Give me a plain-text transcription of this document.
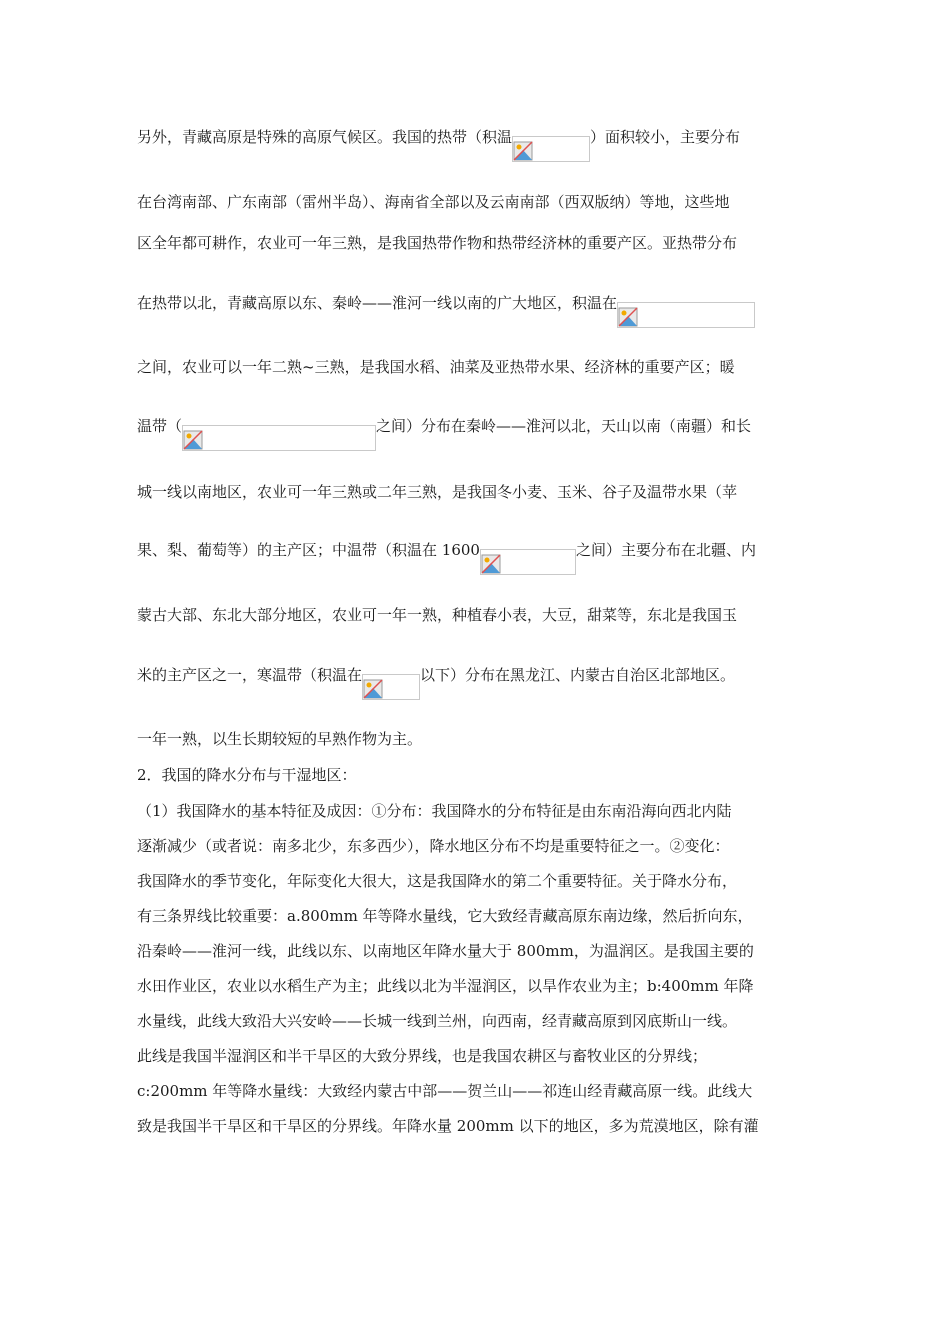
另外，青藏高原是特殊的高原气候区。我国的热带（积温	）面积较小，主要分布
在台湾南部、广东南部（雷州半岛）、海南省全部以及云南南部（西双版纳）等地，这些地
区全年都可耕作，农业可一年三熟，是我国热带作物和热带经济林的重要产区。亚热带分布
在热带以北，青藏高原以东、秦岭——淮河一线以南的广大地区，积温在
之间，农业可以一年二熟~三熟，是我国水稻、油菜及亚热带水果、经济林的重要产区；暖
温带（	之间）分布在秦岭——淮河以北，天山以南（南疆）和长
城一线以南地区，农业可一年三熟或二年三熟，是我国冬小麦、玉米、谷子及温带水果（苹
果、梨、葡萄等）的主产区；中温带（积温在 1600	之间）主要分布在北疆、内
蒙古大部、东北大部分地区，农业可一年一熟，种植春小表，大豆，甜菜等，东北是我国玉
米的主产区之一，寒温带（积温在	以下）分布在黑龙江、内蒙古自治区北部地区。
一年一熟，以生长期较短的早熟作物为主。
2．我国的降水分布与干湿地区：
（1）我国降水的基本特征及成因：①分布：我国降水的分布特征是由东南沿海向西北内陆
逐渐减少（或者说：南多北少，东多西少），降水地区分布不均是重要特征之一。②变化：
我国降水的季节变化，年际变化大很大，这是我国降水的第二个重要特征。关于降水分布，
有三条界线比较重要：a.800mm 年等降水量线，它大致经青藏高原东南边缘，然后折向东，
沿秦岭——淮河一线，此线以东、以南地区年降水量大于 800mm，为温润区。是我国主要的
水田作业区，农业以水稻生产为主；此线以北为半湿润区，以旱作农业为主；b:400mm 年降
水量线，此线大致沿大兴安岭——长城一线到兰州，向西南，经青藏高原到冈底斯山一线。
此线是我国半湿润区和半干旱区的大致分界线，也是我国农耕区与畜牧业区的分界线；
c:200mm 年等降水量线：大致经内蒙古中部——贺兰山——祁连山经青藏高原一线。此线大
致是我国半干旱区和干旱区的分界线。年降水量 200mm 以下的地区，多为荒漠地区，除有灌
